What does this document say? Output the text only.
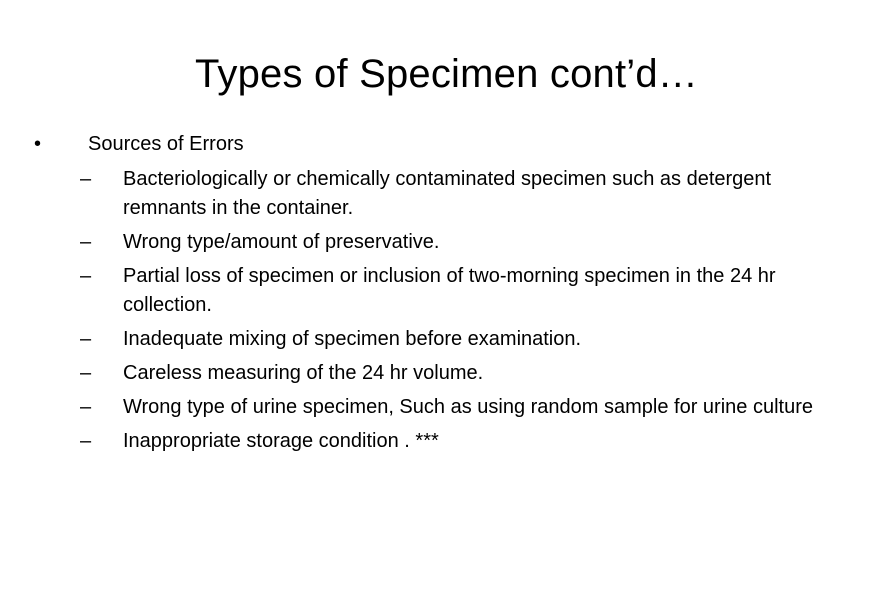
Types of Specimen cont’d…
• Sources of Errors
–	Bacteriologically or chemically contaminated specimen such as detergent remnants in the container.
–	Wrong type/amount of preservative.
–	Partial loss of specimen or inclusion of two-morning specimen in the 24 hr collection.
–	Inadequate mixing of specimen before examination.
–	Careless measuring of the 24 hr volume.
–	Wrong type of urine specimen, Such as using random sample for urine culture
–	Inappropriate storage condition . ***
